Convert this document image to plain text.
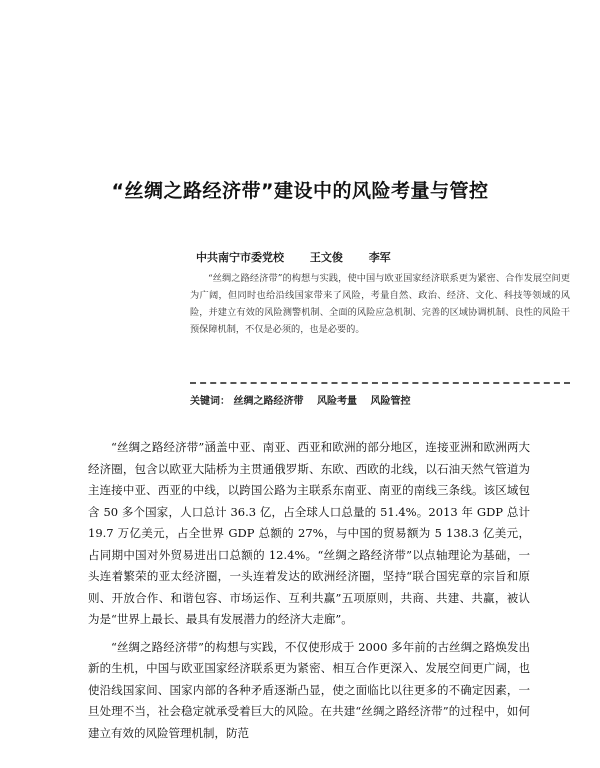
“丝绸之路经济带”建设中的风险考量与管控
中共南宁市委党校 王文俊 李军
“丝绸之路经济带”的构想与实践，使中国与欧亚国家经济联系更为紧密、合作发展空间更为广阔，但同时也给沿线国家带来了风险，考量自然、政治、经济、文化、科技等领域的风险，并建立有效的风险测警机制、全面的风险应急机制、完善的区域协调机制、良性的风险干预保障机制，不仅是必须的，也是必要的。
关键词： 丝绸之路经济带 风险考量 风险管控

“丝绸之路经济带”涵盖中亚、南亚、西亚和欧洲的部分地区，连接亚洲和欧洲两大经济圈，包含以欧亚大陆桥为主贯通俄罗斯、东欧、西欧的北线，以石油天然气管道为主连接中亚、西亚的中线，以跨国公路为主联系东南亚、南亚的南线三条线。该区域包含 50 多个国家，人口总计 36.3 亿，占全球人口总量的 51.4%。2013 年 GDP 总计 19.7 万亿美元，占全世界 GDP 总额的 27%，与中国的贸易额为 5 138.3 亿美元，占同期中国对外贸易进出口总额的 12.4%。“丝绸之路经济带”以点轴理论为基础，一头连着繁荣的亚太经济圈，一头连着发达的欧洲经济圈，坚持“联合国宪章的宗旨和原则、开放合作、和谐包容、市场运作、互利共赢”五项原则，共商、共建、共赢，被认为是“世界上最长、最具有发展潜力的经济大走廊”。

“丝绸之路经济带”的构想与实践，不仅使形成于 2000 多年前的古丝绸之路焕发出新的生机，中国与欧亚国家经济联系更为紧密、相互合作更深入、发展空间更广阔，也使沿线国家间、国家内部的各种矛盾逐渐凸显，使之面临比以往更多的不确定因素，一旦处理不当，社会稳定就承受着巨大的风险。在共建“丝绸之路经济带”的过程中，如何建立有效的风险管理机制，防范
